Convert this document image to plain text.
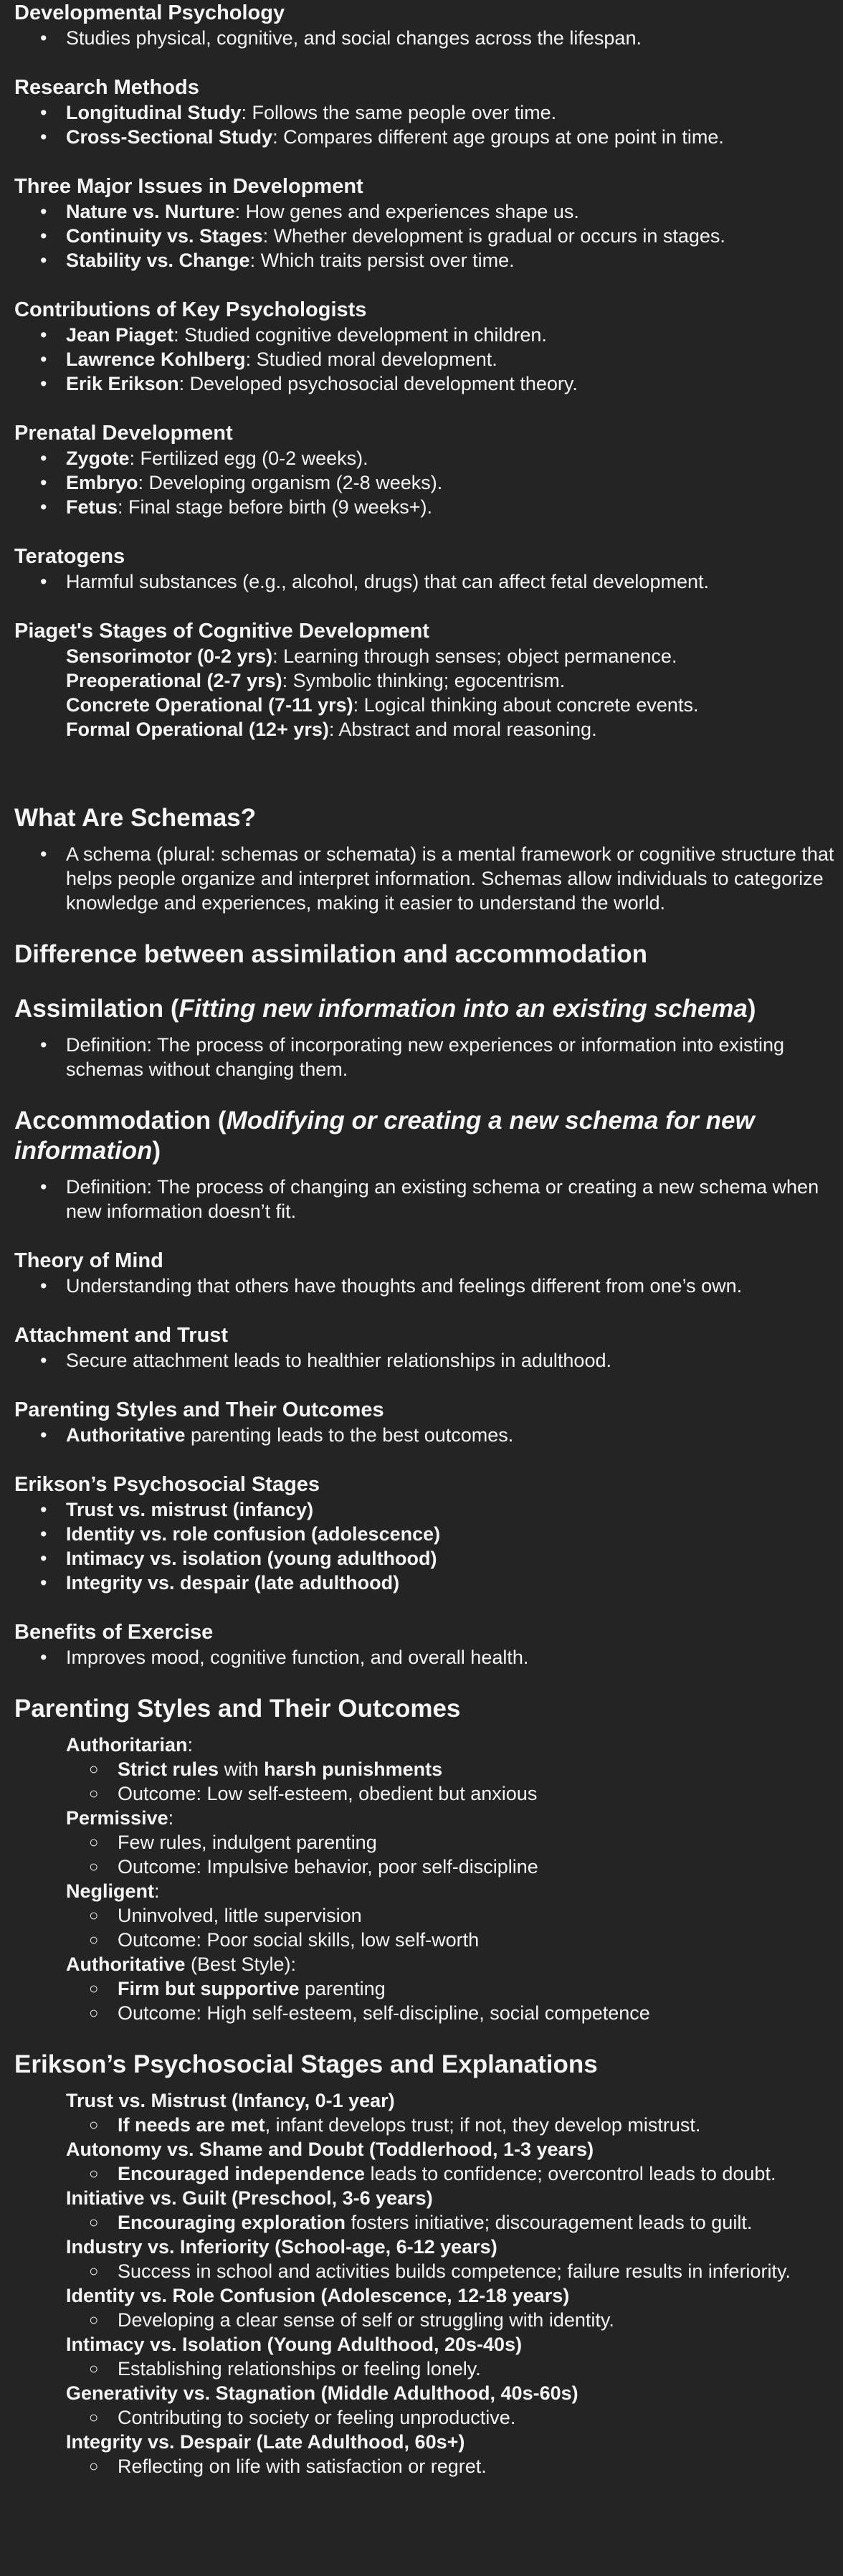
Developmental Psychology
• Studies physical, cognitive, and social changes across the lifespan.
Research Methods
• Longitudinal Study: Follows the same people over time.
• Cross-Sectional Study: Compares different age groups at one point in time.
Three Major Issues in Development
• Nature vs. Nurture: How genes and experiences shape us.
• Continuity vs. Stages: Whether development is gradual or occurs in stages.
• Stability vs. Change: Which traits persist over time.
Contributions of Key Psychologists
• Jean Piaget: Studied cognitive development in children.
• Lawrence Kohlberg: Studied moral development.
• Erik Erikson: Developed psychosocial development theory.
Prenatal Development
• Zygote: Fertilized egg (0-2 weeks).
• Embryo: Developing organism (2-8 weeks).
• Fetus: Final stage before birth (9 weeks+).
Teratogens
• Harmful substances (e.g., alcohol, drugs) that can affect fetal development.
Piaget's Stages of Cognitive Development
Sensorimotor (0-2 yrs): Learning through senses; object permanence.
Preoperational (2-7 yrs): Symbolic thinking; egocentrism.
Concrete Operational (7-11 yrs): Logical thinking about concrete events.
Formal Operational (12+ yrs): Abstract and moral reasoning.
What Are Schemas?
• A schema (plural: schemas or schemata) is a mental framework or cognitive structure that helps people organize and interpret information. Schemas allow individuals to categorize knowledge and experiences, making it easier to understand the world.
Difference between assimilation and accommodation
Assimilation (Fitting new information into an existing schema)
• Definition: The process of incorporating new experiences or information into existing schemas without changing them.
Accommodation (Modifying or creating a new schema for new information)
• Definition: The process of changing an existing schema or creating a new schema when new information doesn’t fit.
Theory of Mind
• Understanding that others have thoughts and feelings different from one’s own.
Attachment and Trust
• Secure attachment leads to healthier relationships in adulthood.
Parenting Styles and Their Outcomes
• Authoritative parenting leads to the best outcomes.
Erikson’s Psychosocial Stages
• Trust vs. mistrust (infancy)
• Identity vs. role confusion (adolescence)
• Intimacy vs. isolation (young adulthood)
• Integrity vs. despair (late adulthood)
Benefits of Exercise
• Improves mood, cognitive function, and overall health.
Parenting Styles and Their Outcomes
Authoritarian:
○ Strict rules with harsh punishments
○ Outcome: Low self-esteem, obedient but anxious
Permissive:
○ Few rules, indulgent parenting
○ Outcome: Impulsive behavior, poor self-discipline
Negligent:
○ Uninvolved, little supervision
○ Outcome: Poor social skills, low self-worth
Authoritative (Best Style):
○ Firm but supportive parenting
○ Outcome: High self-esteem, self-discipline, social competence
Erikson’s Psychosocial Stages and Explanations
Trust vs. Mistrust (Infancy, 0-1 year)
○ If needs are met, infant develops trust; if not, they develop mistrust.
Autonomy vs. Shame and Doubt (Toddlerhood, 1-3 years)
○ Encouraged independence leads to confidence; overcontrol leads to doubt.
Initiative vs. Guilt (Preschool, 3-6 years)
○ Encouraging exploration fosters initiative; discouragement leads to guilt.
Industry vs. Inferiority (School-age, 6-12 years)
○ Success in school and activities builds competence; failure results in inferiority.
Identity vs. Role Confusion (Adolescence, 12-18 years)
○ Developing a clear sense of self or struggling with identity.
Intimacy vs. Isolation (Young Adulthood, 20s-40s)
○ Establishing relationships or feeling lonely.
Generativity vs. Stagnation (Middle Adulthood, 40s-60s)
○ Contributing to society or feeling unproductive.
Integrity vs. Despair (Late Adulthood, 60s+)
○ Reflecting on life with satisfaction or regret.
